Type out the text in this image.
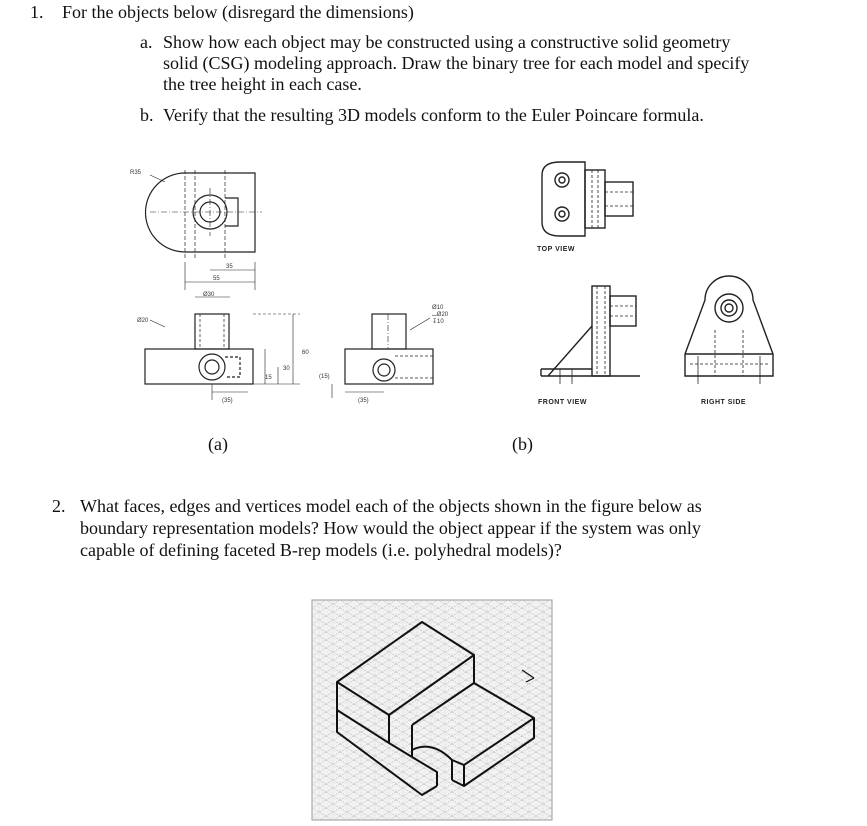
1. For the objects below (disregard the dimensions)
a. Show how each object may be constructed using a constructive solid geometry
solid (CSG) modeling approach. Draw the binary tree for each model and specify
the tree height in each case.
b. Verify that the resulting 3D models conform to the Euler Poincare formula.
R35
35
55
Ø30
Ø20
60
30
15	(15)
(35)	(35)
Ø10
⌴Ø20
↧10
TOP VIEW
FRONT VIEW	RIGHT SIDE
(a)	(b)
2. What faces, edges and vertices model each of the objects shown in the figure below as
boundary representation models? How would the object appear if the system was only
capable of defining faceted B-rep models (i.e. polyhedral models)?
